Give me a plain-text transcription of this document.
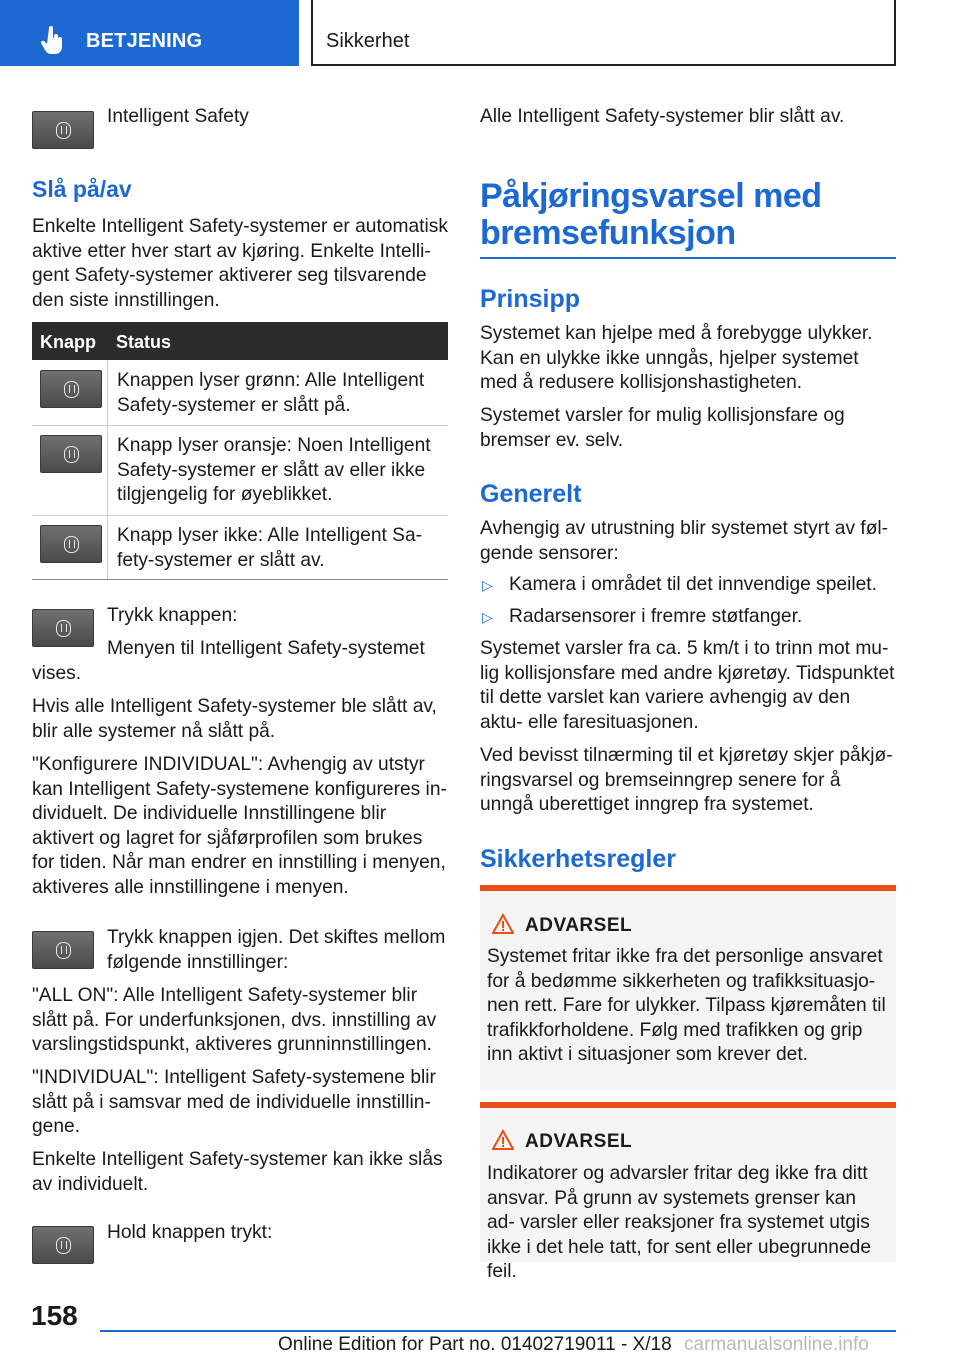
BETJENING	Sikkerhet

Intelligent Safety

Slå på/av

Enkelte Intelligent Safety-systemer er automatisk aktive etter hver start av kjøring. Enkelte Intelli- gent Safety-systemer aktiverer seg tilsvarende den siste innstillingen.

Knapp Status

Knappen lyser grønn: Alle Intelligent Safety-systemer er slått på.

Knapp lyser oransje: Noen Intelligent Safety-systemer er slått av eller ikke tilgjengelig for øyeblikket.

Knapp lyser ikke: Alle Intelligent Sa- fety-systemer er slått av.

Trykk knappen:

Menyen til Intelligent Safety-systemet vises.

Hvis alle Intelligent Safety-systemer ble slått av, blir alle systemer nå slått på.

"Konfigurere INDIVIDUAL": Avhengig av utstyr kan Intelligent Safety-systemene konfigureres in- dividuelt. De individuelle Innstillingene blir aktivert og lagret for sjåførprofilen som brukes for tiden. Når man endrer en innstilling i menyen, aktiveres alle innstillingene i menyen.

Trykk knappen igjen. Det skiftes mellom følgende innstillinger:

"ALL ON": Alle Intelligent Safety-systemer blir slått på. For underfunksjonen, dvs. innstilling av varslingstidspunkt, aktiveres grunninnstillingen.

"INDIVIDUAL": Intelligent Safety-systemene blir slått på i samsvar med de individuelle innstillin- gene.

Enkelte Intelligent Safety-systemer kan ikke slås av individuelt.

Hold knappen trykt:

Alle Intelligent Safety-systemer blir slått av.

Påkjøringsvarsel med bremsefunksjon
Prinsipp

Systemet kan hjelpe med å forebygge ulykker. Kan en ulykke ikke unngås, hjelper systemet med å redusere kollisjonshastigheten.

Systemet varsler for mulig kollisjonsfare og bremser ev. selv.

Generelt

Avhengig av utrustning blir systemet styrt av føl- gende sensorer:

▷ Kamera i området til det innvendige speilet.

▷ Radarsensorer i fremre støtfanger.

Systemet varsler fra ca. 5 km/t i to trinn mot mu- lig kollisjonsfare med andre kjøretøy. Tidspunktet til dette varslet kan variere avhengig av den aktu- elle faresituasjonen.

Ved bevisst tilnærming til et kjøretøy skjer påkjø- ringsvarsel og bremseinngrep senere for å unngå uberettiget inngrep fra systemet.

Sikkerhetsregler
ADVARSEL

Systemet fritar ikke fra det personlige ansvaret for å bedømme sikkerheten og trafikksituasjo- nen rett. Fare for ulykker. Tilpass kjøremåten til trafikkforholdene. Følg med trafikken og grip inn aktivt i situasjoner som krever det.

ADVARSEL

Indikatorer og advarsler fritar deg ikke fra ditt ansvar. På grunn av systemets grenser kan ad- varsler eller reaksjoner fra systemet utgis ikke i det hele tatt, for sent eller ubegrunnede feil.

158
Online Edition for Part no. 01402719011 - X/18 carmanualsonline.info
